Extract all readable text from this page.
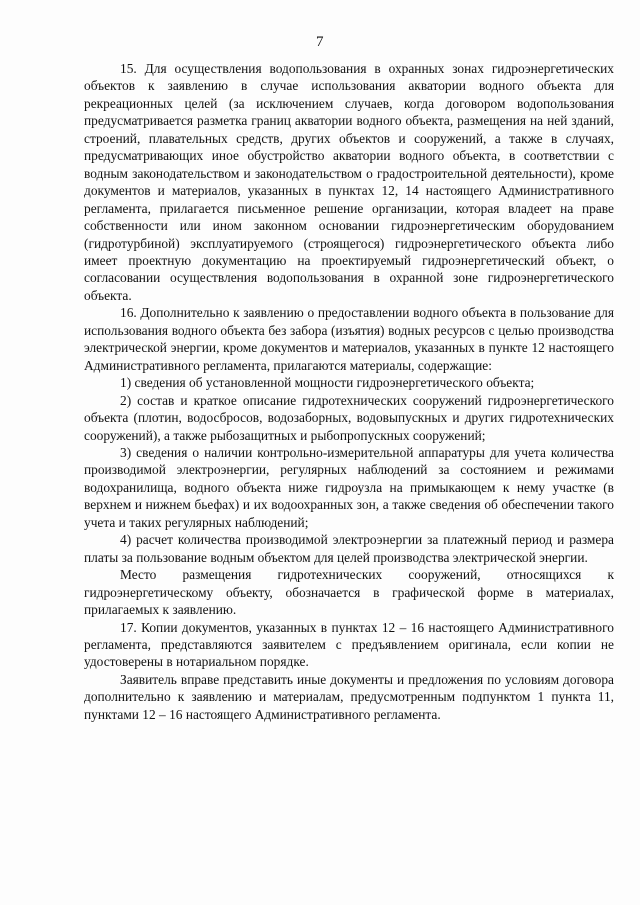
7

15. Для осуществления водопользования в охранных зонах гидроэнергетических объектов к заявлению в случае использования акватории водного объекта для рекреационных целей (за исключением случаев, когда договором водопользования предусматривается разметка границ акватории водного объекта, размещения на ней зданий, строений, плавательных средств, других объектов и сооружений, а также в случаях, предусматривающих иное обустройство акватории водного объекта, в соответствии с водным законодательством и законодательством о градостроительной деятельности), кроме документов и материалов, указанных в пунктах 12, 14 настоящего Административного регламента, прилагается письменное решение организации, которая владеет на праве собственности или ином законном основании гидроэнергетическим оборудованием (гидротурбиной) эксплуатируемого (строящегося) гидроэнергетического объекта либо имеет проектную документацию на проектируемый гидроэнергетический объект, о согласовании осуществления водопользования в охранной зоне гидроэнергетического объекта.

16. Дополнительно к заявлению о предоставлении водного объекта в пользование для использования водного объекта без забора (изъятия) водных ресурсов с целью производства электрической энергии, кроме документов и материалов, указанных в пункте 12 настоящего Административного регламента, прилагаются материалы, содержащие:

1) сведения об установленной мощности гидроэнергетического объекта;

2) состав и краткое описание гидротехнических сооружений гидроэнергетического объекта (плотин, водосбросов, водозаборных, водовыпускных и других гидротехнических сооружений), а также рыбозащитных и рыбопропускных сооружений;

3) сведения о наличии контрольно-измерительной аппаратуры для учета количества производимой электроэнергии, регулярных наблюдений за состоянием и режимами водохранилища, водного объекта ниже гидроузла на примыкающем к нему участке (в верхнем и нижнем бьефах) и их водоохранных зон, а также сведения об обеспечении такого учета и таких регулярных наблюдений;

4) расчет количества производимой электроэнергии за платежный период и размера платы за пользование водным объектом для целей производства электрической энергии.

Место размещения гидротехнических сооружений, относящихся к гидроэнергетическому объекту, обозначается в графической форме в материалах, прилагаемых к заявлению.

17. Копии документов, указанных в пунктах 12 – 16 настоящего Административного регламента, представляются заявителем с предъявлением оригинала, если копии не удостоверены в нотариальном порядке.

Заявитель вправе представить иные документы и предложения по условиям договора дополнительно к заявлению и материалам, предусмотренным подпунктом 1 пункта 11, пунктами 12 – 16 настоящего Административного регламента.
